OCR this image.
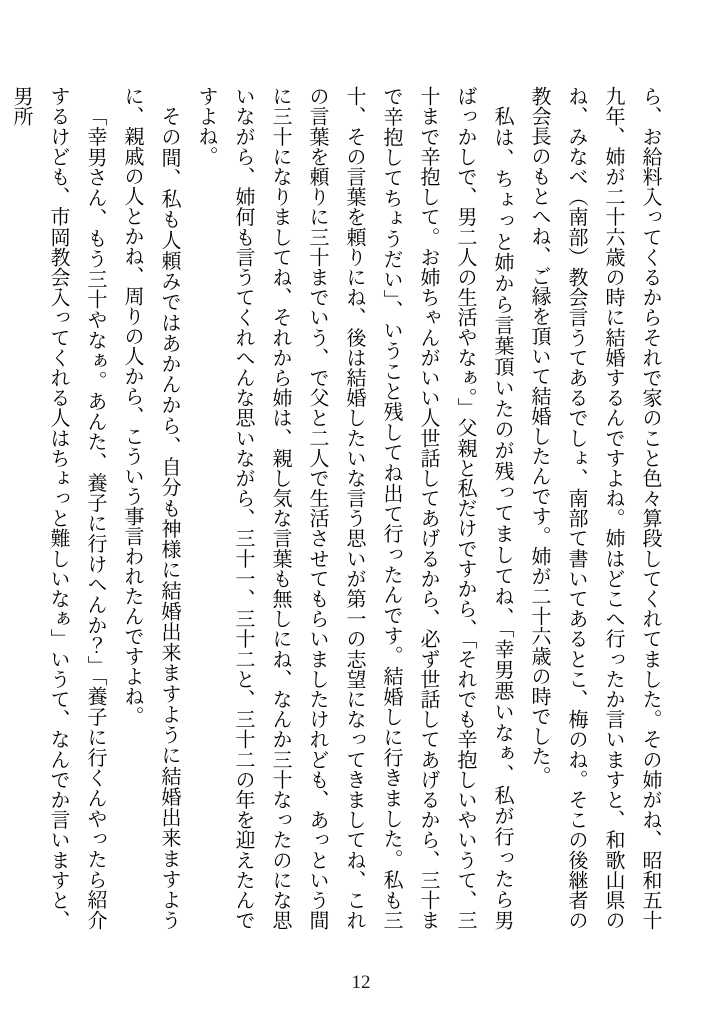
ら、お給料入ってくるからそれで家のこと色々算段してくれてました。その姉がね、昭和五十九年、姉が二十六歳の時に結婚するんですよね。姉はどこへ行ったか言いますと、和歌山県のね、みなべ（南部）教会言うてあるでしょ、南部て書いてあるとこ、梅のね。そこの後継者の教会長のもとへね、ご縁を頂いて結婚したんです。姉が二十六歳の時でした。

私は、ちょっと姉から言葉頂いたのが残ってましてね、「幸男悪いなぁ、私が行ったら男ばっかしで、男二人の生活やなぁ。」父親と私だけですから、「それでも辛抱しいやいうて、三十まで辛抱して。お姉ちゃんがいい人世話してあげるから、必ず世話してあげるから、三十まで辛抱してちょうだい」、いうこと残してね出て行ったんです。結婚しに行きました。私も三十、その言葉を頼りにね、後は結婚したいな言う思いが第一の志望になってきましてね、これの言葉を頼りに三十までいう、で父と二人で生活させてもらいましたけれども、あっという間に三十になりましてね、それから姉は、親し気な言葉も無しにね、なんか三十なったのにな思いながら、姉何も言うてくれへんな思いながら、三十一、三十二と、三十二の年を迎えたんですよね。

その間、私も人頼みではあかんから、自分も神様に結婚出来ますように結婚出来ますように、親戚の人とかね、周りの人から、こういう事言われたんですよね。

「幸男さん、もう三十やなぁ。あんた、養子に行けへんか？」「養子に行くんやったら紹介するけども、市岡教会入ってくれる人はちょっと難しいなぁ」いうて、なんでか言いますと、男所

12
